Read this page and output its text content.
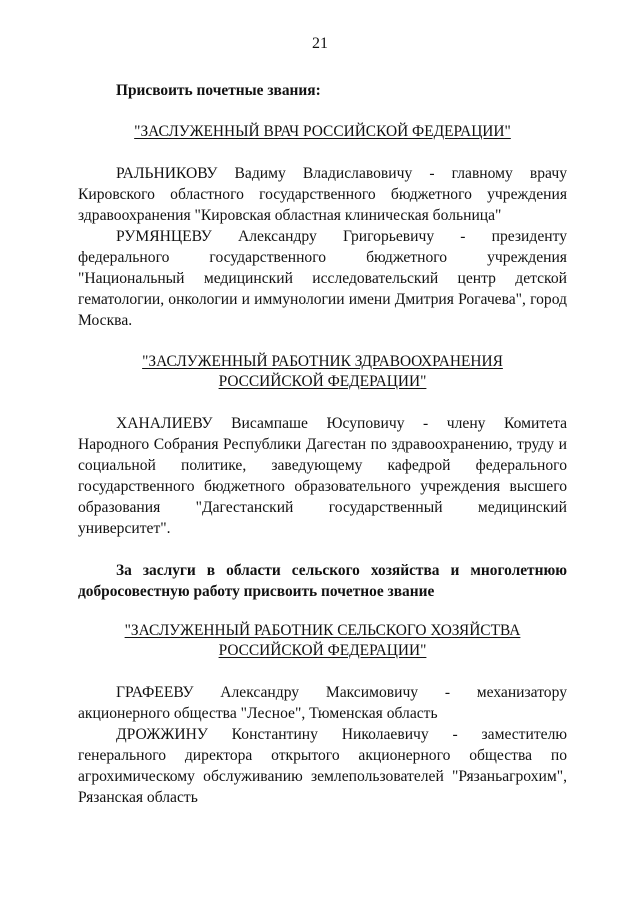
21

Присвоить почетные звания:

"ЗАСЛУЖЕННЫЙ ВРАЧ РОССИЙСКОЙ ФЕДЕРАЦИИ"

РАЛЬНИКОВУ Вадиму Владиславовичу - главному врачу Кировского областного государственного бюджетного учреждения здравоохранения "Кировская областная клиническая больница"

РУМЯНЦЕВУ Александру Григорьевичу - президенту федерального государственного бюджетного учреждения "Национальный медицинский исследовательский центр детской гематологии, онкологии и иммунологии имени Дмитрия Рогачева", город Москва.

"ЗАСЛУЖЕННЫЙ РАБОТНИК ЗДРАВООХРАНЕНИЯ
РОССИЙСКОЙ ФЕДЕРАЦИИ"

ХАНАЛИЕВУ Висампаше Юсуповичу - члену Комитета Народного Собрания Республики Дагестан по здравоохранению, труду и социальной политике, заведующему кафедрой федерального государственного бюджетного образовательного учреждения высшего образования "Дагестанский государственный медицинский университет".

За заслуги в области сельского хозяйства и многолетнюю добросовестную работу присвоить почетное звание

"ЗАСЛУЖЕННЫЙ РАБОТНИК СЕЛЬСКОГО ХОЗЯЙСТВА
РОССИЙСКОЙ ФЕДЕРАЦИИ"

ГРАФЕЕВУ Александру Максимовичу - механизатору акционерного общества "Лесное", Тюменская область

ДРОЖЖИНУ Константину Николаевичу - заместителю генерального директора открытого акционерного общества по агрохимическому обслуживанию землепользователей "Рязаньагрохим", Рязанская область
